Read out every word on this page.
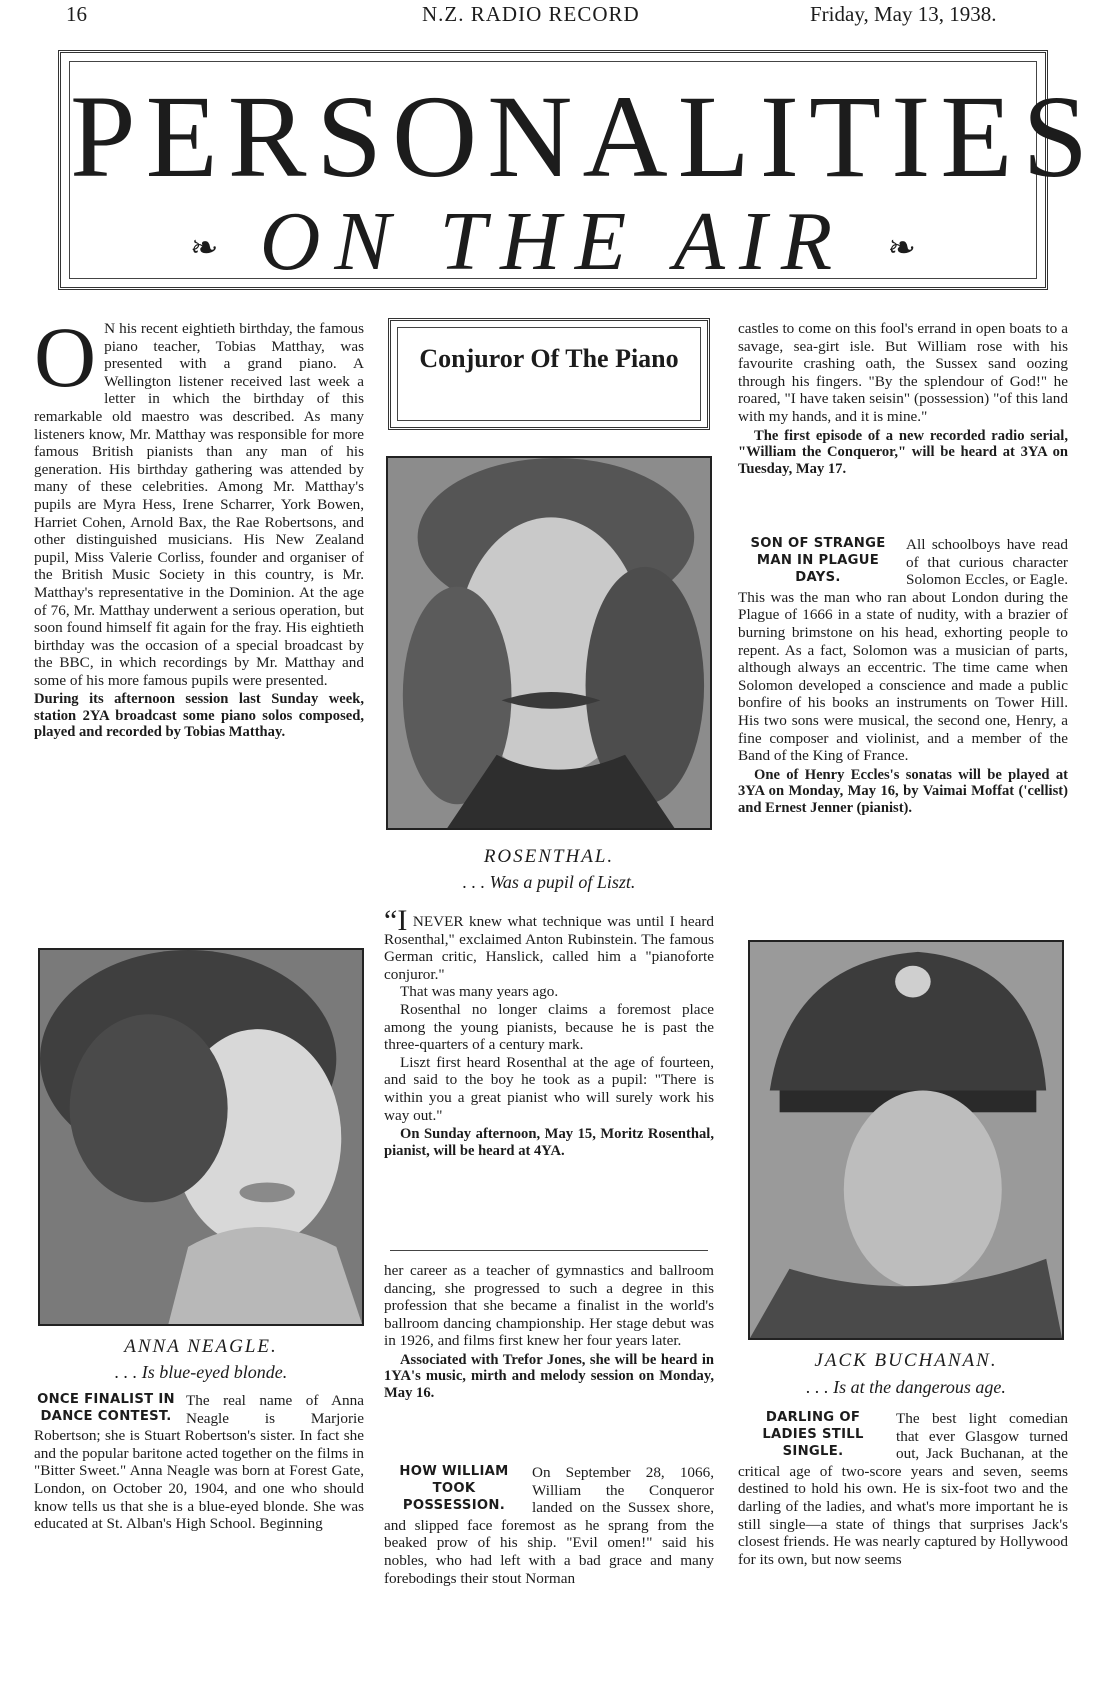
16	N.Z. RADIO RECORD	Friday, May 13, 1938.
PERSONALITIES
❧ ON THE AIR	❧
O N his recent eightieth birthday, the famous piano teacher, Tobias Matthay, was presented with a grand piano. A Wellington listener received last week a letter in which the birthday of this remarkable old maestro was described. As many listeners know, Mr. Matthay was responsible for more famous British pianists than any man of his generation. His birthday gathering was attended by many of these celebrities. Among Mr. Matthay's pupils are Myra Hess, Irene Scharrer, York Bowen, Harriet Cohen, Arnold Bax, the Rae Robertsons, and other distinguished musicians. His New Zealand pupil, Miss Valerie Corliss, founder and organiser of the British Music Society in this country, is Mr. Matthay's representative in the Dominion. At the age of 76, Mr. Matthay underwent a serious operation, but soon found himself fit again for the fray. His eightieth birthday was the occasion of a special broadcast by the BBC, in which recordings by Mr. Matthay and some of his more famous pupils were presented.

During its afternoon session last Sunday week, station 2YA broadcast some piano solos composed, played and recorded by Tobias Matthay.

ANNA NEAGLE.
. . . Is blue-eyed blonde.
ONCE FINALIST IN DANCE CONTEST.

The real name of Anna Neagle is Marjorie Robertson; she is Stuart Robertson's sister. In fact she and the popular baritone acted together on the films in "Bitter Sweet." Anna Neagle was born at Forest Gate, London, on October 20, 1904, and one who should know tells us that she is a blue-eyed blonde. She was educated at St. Alban's High School. Beginning

Conjuror Of The Piano
ROSENTHAL.
. . . Was a pupil of Liszt.

“I NEVER knew what technique was until I heard Rosenthal," exclaimed Anton Rubinstein. The famous German critic, Hanslick, called him a "pianoforte conjuror."

That was many years ago.

Rosenthal no longer claims a foremost place among the young pianists, because he is past the three-quarters of a century mark.

Liszt first heard Rosenthal at the age of fourteen, and said to the boy he took as a pupil: "There is within you a great pianist who will surely work his way out."

On Sunday afternoon, May 15, Moritz Rosenthal, pianist, will be heard at 4YA.

her career as a teacher of gymnastics and ballroom dancing, she progressed to such a degree in this profession that she became a finalist in the world's ballroom dancing championship. Her stage debut was in 1926, and films first knew her four years later.

Associated with Trefor Jones, she will be heard in 1YA's music, mirth and melody session on Monday, May 16.

HOW WILLIAM TOOK POSSESSION.

On September 28, 1066, William the Conqueror landed on the Sussex shore, and slipped face foremost as he sprang from the beaked prow of his ship. "Evil omen!" said his nobles, who had left with a bad grace and many forebodings their stout Norman

castles to come on this fool's errand in open boats to a savage, sea-girt isle. But William rose with his favourite crashing oath, the Sussex sand oozing through his fingers. "By the splendour of God!" he roared, "I have taken seisin" (possession) "of this land with my hands, and it is mine."

The first episode of a new recorded radio serial, "William the Conqueror," will be heard at 3YA on Tuesday, May 17.

SON OF STRANGE MAN IN PLAGUE DAYS.

All schoolboys have read of that curious character Solomon Eccles, or Eagle. This was the man who ran about London during the Plague of 1666 in a state of nudity, with a brazier of burning brimstone on his head, exhorting people to repent. As a fact, Solomon was a musician of parts, although always an eccentric. The time came when Solomon developed a conscience and made a public bonfire of his books an instruments on Tower Hill. His two sons were musical, the second one, Henry, a fine composer and violinist, and a member of the Band of the King of France.

One of Henry Eccles's sonatas will be played at 3YA on Monday, May 16, by Vaimai Moffat ('cellist) and Ernest Jenner (pianist).

JACK BUCHANAN.
. . . Is at the dangerous age.
DARLING OF LADIES STILL SINGLE.

The best light comedian that ever Glasgow turned out, Jack Buchanan, at the critical age of two-score years and seven, seems destined to hold his own. He is six-foot two and the darling of the ladies, and what's more important he is still single—a state of things that surprises Jack's closest friends. He was nearly captured by Hollywood for its own, but now seems
